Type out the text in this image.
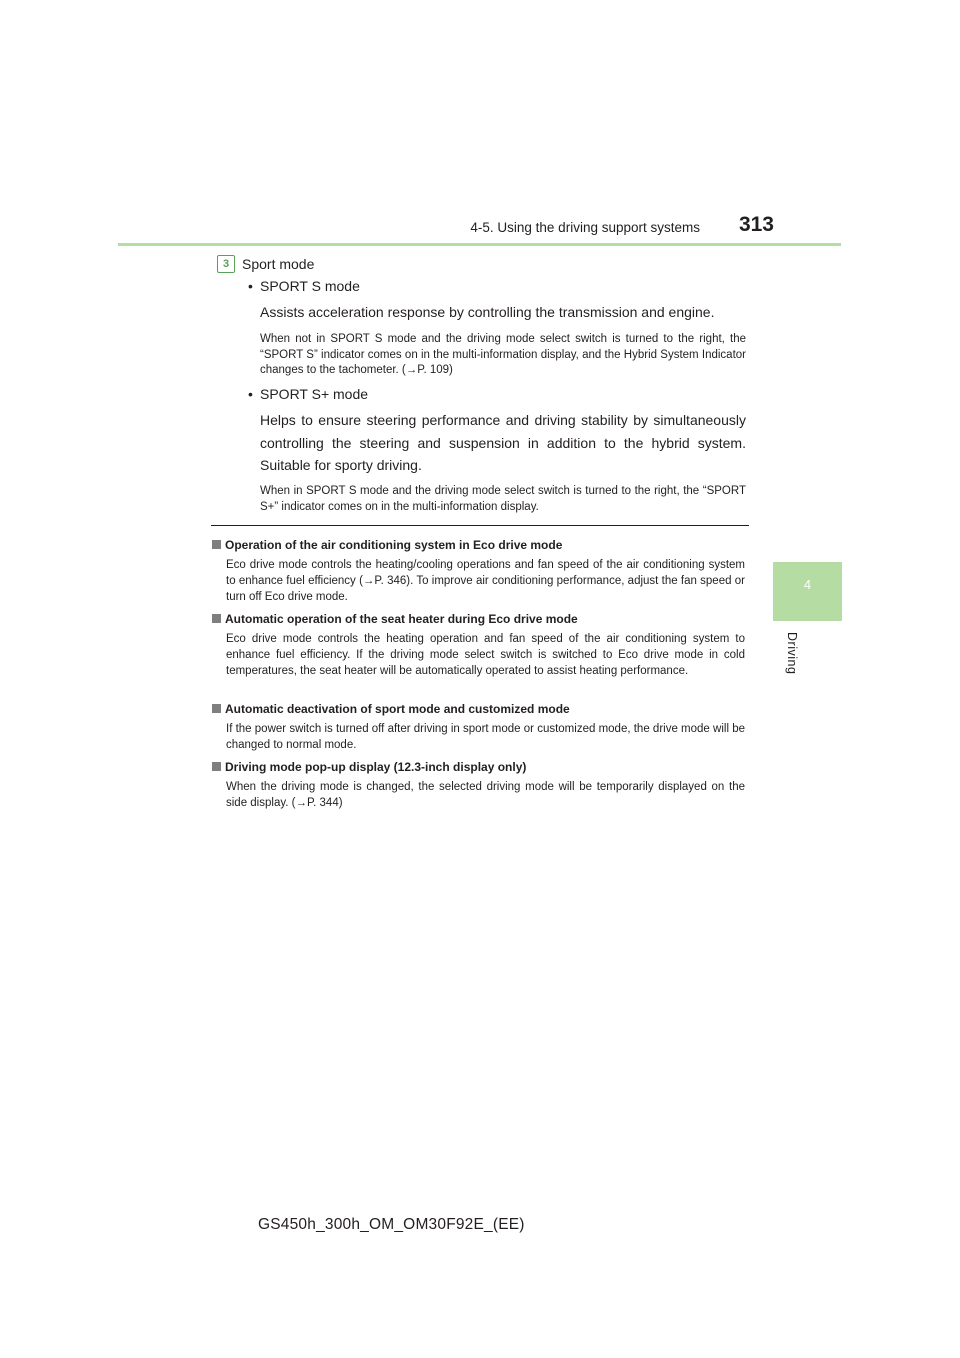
4-5. Using the driving support systems	313
4
Driving
3 Sport mode
• SPORT S mode
Assists acceleration response by controlling the transmission and engine.
When not in SPORT S mode and the driving mode select switch is turned to the right, the “SPORT S” indicator comes on in the multi-information display, and the Hybrid System Indicator changes to the tachometer. (→P. 109)
• SPORT S+ mode
Helps to ensure steering performance and driving stability by simultaneously controlling the steering and suspension in addition to the hybrid system. Suitable for sporty driving.
When in SPORT S mode and the driving mode select switch is turned to the right, the “SPORT S+” indicator comes on in the multi-information display.
Operation of the air conditioning system in Eco drive mode
Eco drive mode controls the heating/cooling operations and fan speed of the air conditioning system to enhance fuel efficiency (→P. 346). To improve air conditioning performance, adjust the fan speed or turn off Eco drive mode.
Automatic operation of the seat heater during Eco drive mode
Eco drive mode controls the heating operation and fan speed of the air conditioning system to enhance fuel efficiency. If the driving mode select switch is switched to Eco drive mode in cold temperatures, the seat heater will be automatically operated to assist heating performance.
Automatic deactivation of sport mode and customized mode
If the power switch is turned off after driving in sport mode or customized mode, the drive mode will be changed to normal mode.
Driving mode pop-up display (12.3-inch display only)
When the driving mode is changed, the selected driving mode will be temporarily displayed on the side display. (→P. 344)
GS450h_300h_OM_OM30F92E_(EE)
